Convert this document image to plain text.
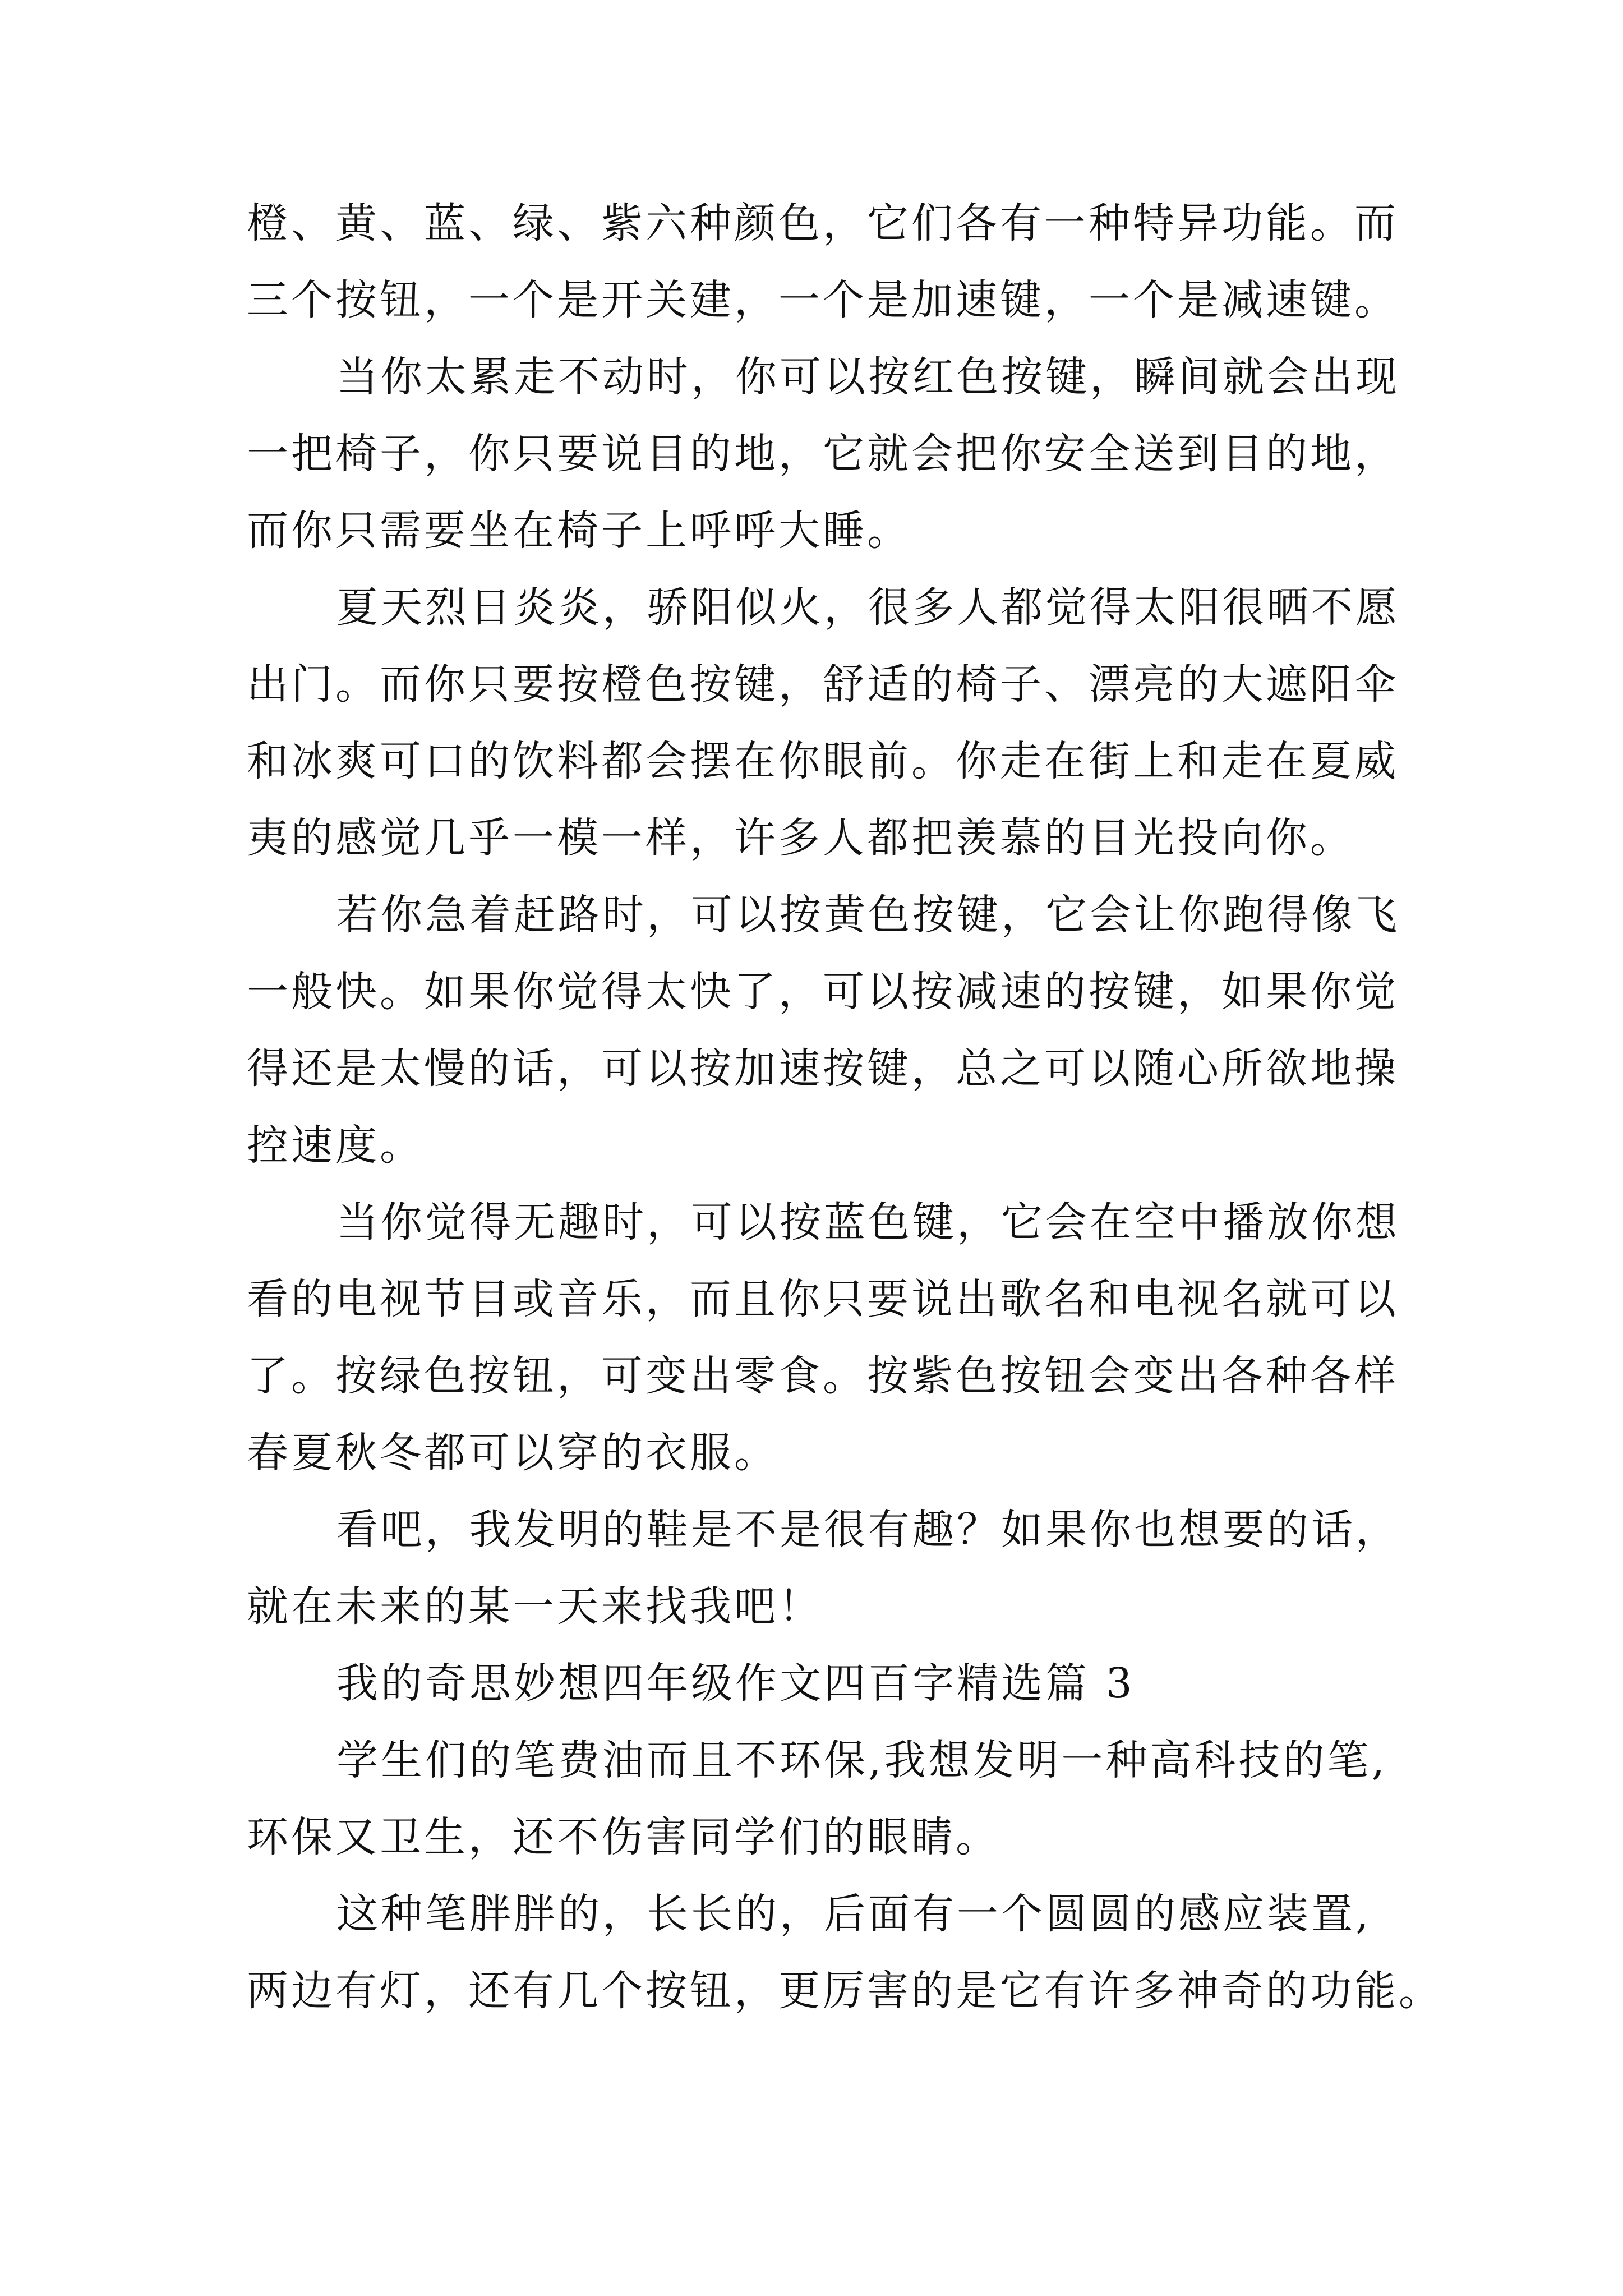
橙、黄、蓝、绿、紫六种颜色，它们各有一种特异功能。而
三个按钮，一个是开关建，一个是加速键，一个是减速键。
当你太累走不动时，你可以按红色按键，瞬间就会出现
一把椅子，你只要说目的地，它就会把你安全送到目的地，
而你只需要坐在椅子上呼呼大睡。
夏天烈日炎炎，骄阳似火，很多人都觉得太阳很晒不愿
出门。而你只要按橙色按键，舒适的椅子、漂亮的大遮阳伞
和冰爽可口的饮料都会摆在你眼前。你走在街上和走在夏威
夷的感觉几乎一模一样，许多人都把羡慕的目光投向你。
若你急着赶路时，可以按黄色按键，它会让你跑得像飞
一般快。如果你觉得太快了，可以按减速的按键，如果你觉
得还是太慢的话，可以按加速按键，总之可以随心所欲地操
控速度。
当你觉得无趣时，可以按蓝色键，它会在空中播放你想
看的电视节目或音乐，而且你只要说出歌名和电视名就可以
了。按绿色按钮，可变出零食。按紫色按钮会变出各种各样
春夏秋冬都可以穿的衣服。
看吧，我发明的鞋是不是很有趣？如果你也想要的话，
就在未来的某一天来找我吧！
我的奇思妙想四年级作文四百字精选篇 3
学生们的笔费油而且不环保,我想发明一种高科技的笔,
环保又卫生，还不伤害同学们的眼睛。
这种笔胖胖的，长长的，后面有一个圆圆的感应装置,
两边有灯，还有几个按钮，更厉害的是它有许多神奇的功能。
